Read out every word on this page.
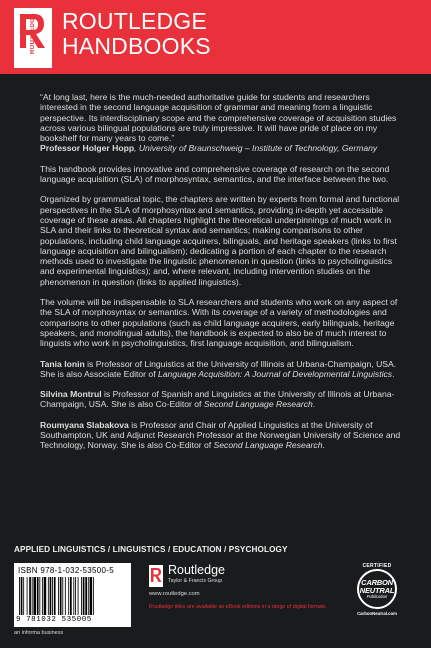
ROUTLEDGE	ROUTLEDGE
HANDBOOKS
“At long last, here is the much-needed authoritative guide for students and researchers interested in the second language acquisition of grammar and meaning from a linguistic perspective. Its interdisciplinary scope and the comprehensive coverage of acquisition studies across various bilingual populations are truly impressive. It will have pride of place on my bookshelf for many years to come.”
Professor Holger Hopp, University of Braunschweig – Institute of Technology, Germany

This handbook provides innovative and comprehensive coverage of research on the second language acquisition (SLA) of morphosyntax, semantics, and the interface between the two.

Organized by grammatical topic, the chapters are written by experts from formal and functional perspectives in the SLA of morphosyntax and semantics, providing in-depth yet accessible coverage of these areas. All chapters highlight the theoretical underpinnings of much work in SLA and their links to theoretical syntax and semantics; making comparisons to other populations, including child language acquirers, bilinguals, and heritage speakers (links to first language acquisition and bilingualism); dedicating a portion of each chapter to the research methods used to investigate the linguistic phenomenon in question (links to psycholinguistics and experimental linguistics); and, where relevant, including intervention studies on the phenomenon in question (links to applied linguistics).

The volume will be indispensable to SLA researchers and students who work on any aspect of the SLA of morphosyntax or semantics. With its coverage of a variety of methodologies and comparisons to other populations (such as child language acquirers, early bilinguals, heritage speakers, and monolingual adults), the handbook is expected to also be of much interest to linguists who work in psycholinguistics, first language acquisition, and bilingualism.

Tania Ionin is Professor of Linguistics at the University of Illinois at Urbana-Champaign, USA. She is also Associate Editor of Language Acquisition: A Journal of Developmental Linguistics.
Silvina Montrul is Professor of Spanish and Linguistics at the University of Illinois at Urbana-Champaign, USA. She is also Co-Editor of Second Language Research.
Roumyana Slabakova is Professor and Chair of Applied Linguistics at the University of Southampton, UK and Adjunct Research Professor at the Norwegian University of Science and Technology, Norway. She is also Co-Editor of Second Language Research.
APPLIED LINGUISTICS / LINGUISTICS / EDUCATION / PSYCHOLOGY
ISBN 978-1-032-53500-5
9 781032 535005
an informa business
Routledge
Taylor & Francis Group
www.routledge.com
Routledge titles are available as eBook editions in a range of digital formats
CERTIFIED
CARBON
NEUTRAL
Publication
CarbonNeutral.com
